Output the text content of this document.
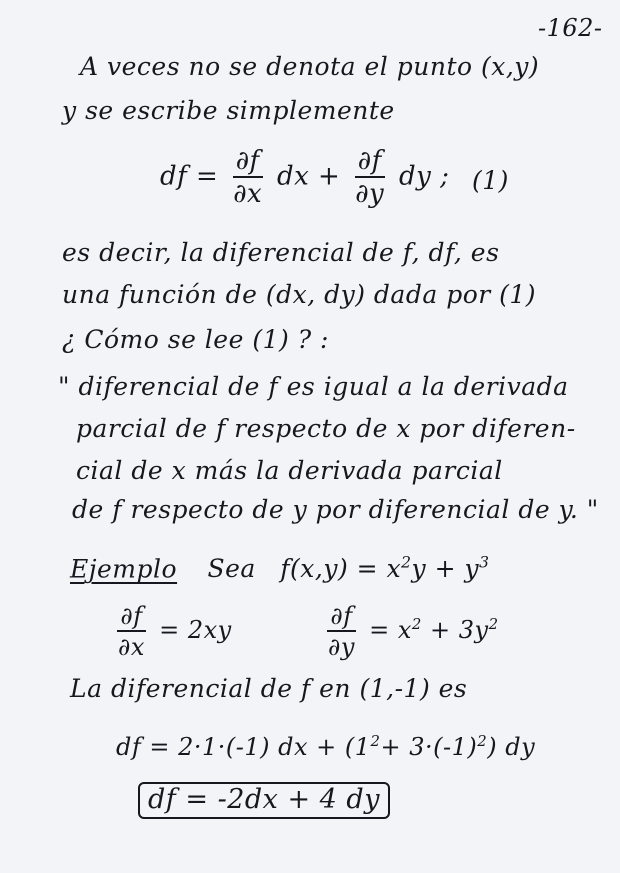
-162-
A veces no se denota el punto (x,y)
y se escribe simplemente
df = $\frac{\partial f}{\partial x}$ dx + $\frac{\partial f}{\partial y}$ dy ; (1)
es decir, la diferencial de f, df, es
una función de (dx, dy) dada por (1)
¿ Cómo se lee (1) ? :
" diferencial de f es igual a la derivada
parcial de f respecto de x por diferen-
cial de x más la derivada parcial
de f respecto de y por diferencial de y. "
Ejemplo Sea $f(x,y) = x^2y + y^3$
$\frac{\partial f}{\partial x} = 2xy$	$\frac{\partial f}{\partial y} = x^2 + 3y^2$
La diferencial de f en (1,-1) es
df = 2·1·(-1) dx + $(1^2+ 3\cdot(-1)^2)$ dy
df = -2dx + 4 dy
